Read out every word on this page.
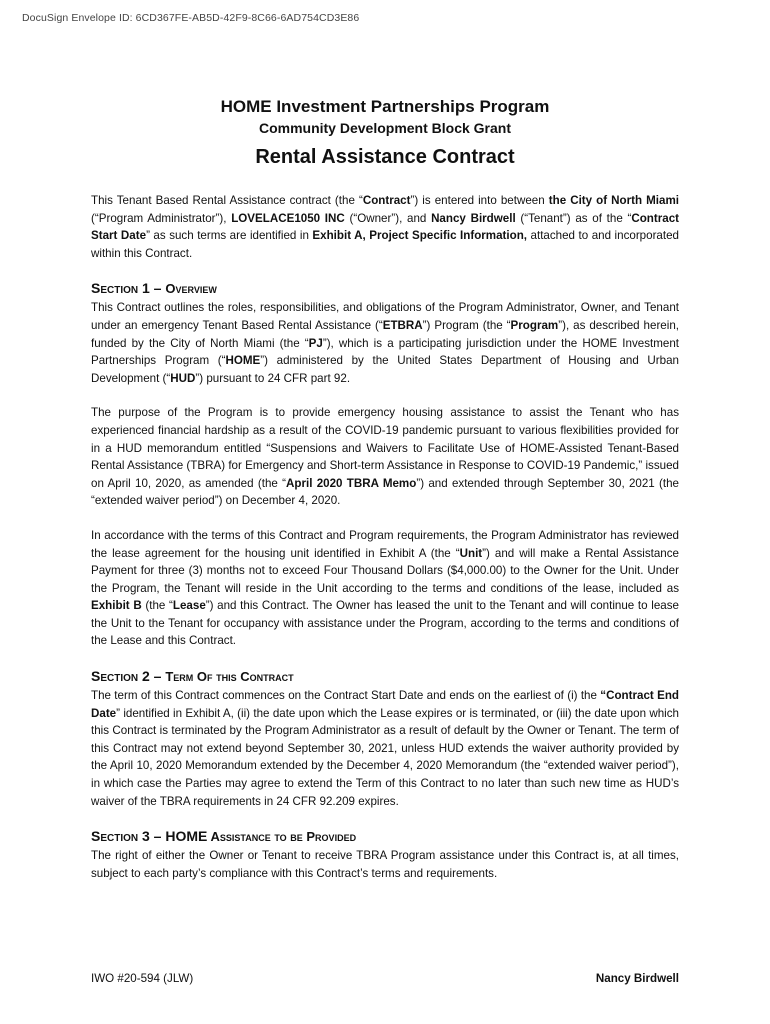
DocuSign Envelope ID: 6CD367FE-AB5D-42F9-8C66-6AD754CD3E86

HOME Investment Partnerships Program

Community Development Block Grant

Rental Assistance Contract

This Tenant Based Rental Assistance contract (the “Contract”) is entered into between the City of North Miami (“Program Administrator”), LOVELACE1050 INC (“Owner”), and Nancy Birdwell (“Tenant”) as of the “Contract Start Date” as such terms are identified in Exhibit A, Project Specific Information, attached to and incorporated within this Contract.

Section 1 – Overview

This Contract outlines the roles, responsibilities, and obligations of the Program Administrator, Owner, and Tenant under an emergency Tenant Based Rental Assistance (“ETBRA”) Program (the “Program”), as described herein, funded by the City of North Miami (the “PJ”), which is a participating jurisdiction under the HOME Investment Partnerships Program (“HOME”) administered by the United States Department of Housing and Urban Development (“HUD”) pursuant to 24 CFR part 92.

The purpose of the Program is to provide emergency housing assistance to assist the Tenant who has experienced financial hardship as a result of the COVID-19 pandemic pursuant to various flexibilities provided for in a HUD memorandum entitled “Suspensions and Waivers to Facilitate Use of HOME-Assisted Tenant-Based Rental Assistance (TBRA) for Emergency and Short-term Assistance in Response to COVID-19 Pandemic,” issued on April 10, 2020, as amended (the “April 2020 TBRA Memo”) and extended through September 30, 2021 (the “extended waiver period”) on December 4, 2020.

In accordance with the terms of this Contract and Program requirements, the Program Administrator has reviewed the lease agreement for the housing unit identified in Exhibit A (the “Unit”) and will make a Rental Assistance Payment for three (3) months not to exceed Four Thousand Dollars ($4,000.00) to the Owner for the Unit. Under the Program, the Tenant will reside in the Unit according to the terms and conditions of the lease, included as Exhibit B (the “Lease”) and this Contract. The Owner has leased the unit to the Tenant and will continue to lease the Unit to the Tenant for occupancy with assistance under the Program, according to the terms and conditions of the Lease and this Contract.

Section 2 – Term Of this Contract

The term of this Contract commences on the Contract Start Date and ends on the earliest of (i) the “Contract End Date” identified in Exhibit A, (ii) the date upon which the Lease expires or is terminated, or (iii) the date upon which this Contract is terminated by the Program Administrator as a result of default by the Owner or Tenant. The term of this Contract may not extend beyond September 30, 2021, unless HUD extends the waiver authority provided by the April 10, 2020 Memorandum extended by the December 4, 2020 Memorandum (the “extended waiver period”), in which case the Parties may agree to extend the Term of this Contract to no later than such new time as HUD’s waiver of the TBRA requirements in 24 CFR 92.209 expires.

Section 3 – HOME Assistance to be Provided

The right of either the Owner or Tenant to receive TBRA Program assistance under this Contract is, at all times, subject to each party’s compliance with this Contract’s terms and requirements.

IWO #20-594 (JLW)	Nancy Birdwell
